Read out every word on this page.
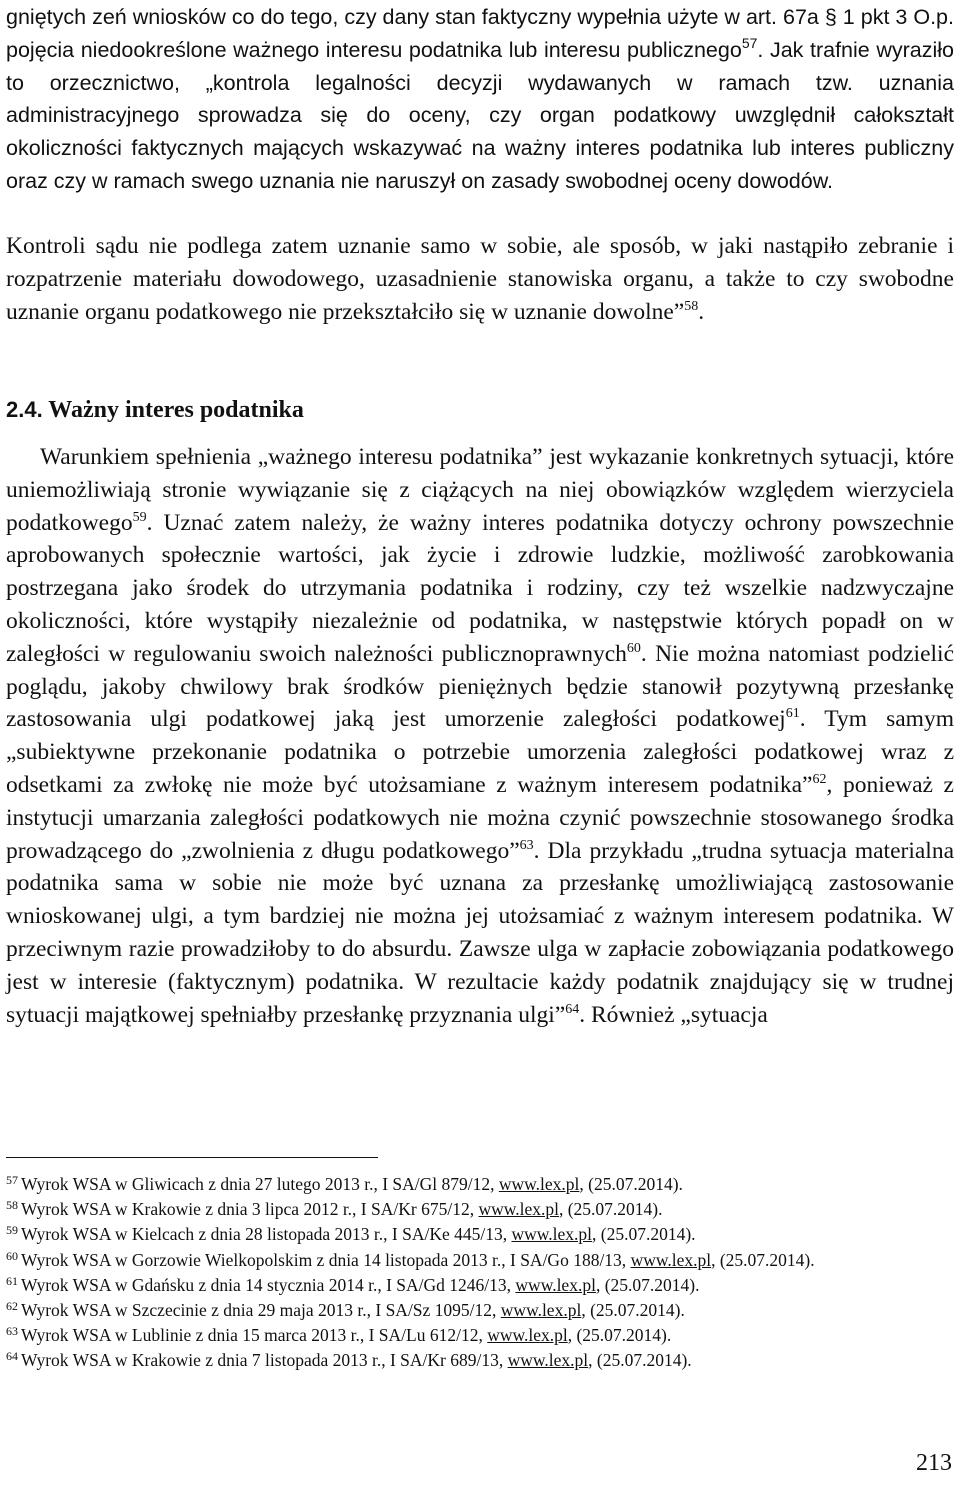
gniętych zeń wniosków co do tego, czy dany stan faktyczny wypełnia użyte w art. 67a § 1 pkt 3 O.p. pojęcia niedookreślone ważnego interesu podatnika lub interesu publicznego$^{57}$. Jak trafnie wyraziło to orzecznictwo, „kontrola legalności decyzji wydawanych w ramach tzw. uznania administracyjnego sprowadza się do oceny, czy organ podatkowy uwzględnił całokształt okoliczności faktycznych mających wskazywać na ważny interes podatnika lub interes publiczny oraz czy w ramach swego uznania nie naruszył on zasady swobodnej oceny dowodów.

Kontroli sądu nie podlega zatem uznanie samo w sobie, ale sposób, w jaki nastąpiło zebranie i rozpatrzenie materiału dowodowego, uzasadnienie stanowiska organu, a także to czy swobodne uznanie organu podatkowego nie przekształciło się w uznanie dowolne”$^{58}$.

2.4. Ważny interes podatnika

Warunkiem spełnienia „ważnego interesu podatnika” jest wykazanie konkretnych sytuacji, które uniemożliwiają stronie wywiązanie się z ciążących na niej obowiązków względem wierzyciela podatkowego$^{59}$. Uznać zatem należy, że ważny interes podatnika dotyczy ochrony powszechnie aprobowanych społecznie wartości, jak życie i zdrowie ludzkie, możliwość zarobkowania postrzegana jako środek do utrzymania podatnika i rodziny, czy też wszelkie nadzwyczajne okoliczności, które wystąpiły niezależnie od podatnika, w następstwie których popadł on w zaległości w regulowaniu swoich należności publicznoprawnych$^{60}$. Nie można natomiast podzielić poglądu, jakoby chwilowy brak środków pieniężnych będzie stanowił pozytywną przesłankę zastosowania ulgi podatkowej jaką jest umorzenie zaległości podatkowej$^{61}$. Tym samym „subiektywne przekonanie podatnika o potrzebie umorzenia zaległości podatkowej wraz z odsetkami za zwłokę nie może być utożsamiane z ważnym interesem podatnika”$^{62}$, ponieważ z instytucji umarzania zaległości podatkowych nie można czynić powszechnie stosowanego środka prowadzącego do „zwolnienia z długu podatkowego”$^{63}$. Dla przykładu „trudna sytuacja materialna podatnika sama w sobie nie może być uznana za przesłankę umożliwiającą zastosowanie wnioskowanej ulgi, a tym bardziej nie można jej utożsamiać z ważnym interesem podatnika. W przeciwnym razie prowadziłoby to do absurdu. Zawsze ulga w zapłacie zobowiązania podatkowego jest w interesie (faktycznym) podatnika. W rezultacie każdy podatnik znajdujący się w trudnej sytuacji majątkowej spełniałby przesłankę przyznania ulgi”$^{64}$. Również „sytuacja

$^{57}$ Wyrok WSA w Gliwicach z dnia 27 lutego 2013 r., I SA/Gl 879/12, www.lex.pl, (25.07.2014).

$^{58}$ Wyrok WSA w Krakowie z dnia 3 lipca 2012 r., I SA/Kr 675/12, www.lex.pl, (25.07.2014).

$^{59}$ Wyrok WSA w Kielcach z dnia 28 listopada 2013 r., I SA/Ke 445/13, www.lex.pl, (25.07.2014).

$^{60}$ Wyrok WSA w Gorzowie Wielkopolskim z dnia 14 listopada 2013 r., I SA/Go 188/13, www.lex.pl, (25.07.2014).

$^{61}$ Wyrok WSA w Gdańsku z dnia 14 stycznia 2014 r., I SA/Gd 1246/13, www.lex.pl, (25.07.2014).

$^{62}$ Wyrok WSA w Szczecinie z dnia 29 maja 2013 r., I SA/Sz 1095/12, www.lex.pl, (25.07.2014).

$^{63}$ Wyrok WSA w Lublinie z dnia 15 marca 2013 r., I SA/Lu 612/12, www.lex.pl, (25.07.2014).

$^{64}$ Wyrok WSA w Krakowie z dnia 7 listopada 2013 r., I SA/Kr 689/13, www.lex.pl, (25.07.2014).

213
